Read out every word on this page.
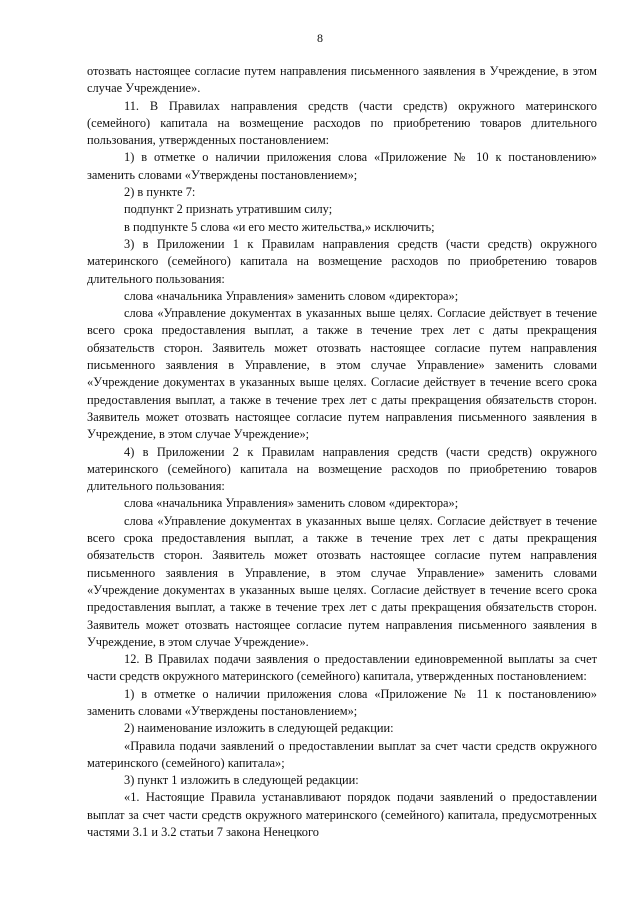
8

отозвать настоящее согласие путем направления письменного заявления в Учреждение, в этом случае Учреждение».

11. В Правилах направления средств (части средств) окружного материнского (семейного) капитала на возмещение расходов по приобретению товаров длительного пользования, утвержденных постановлением:

1) в отметке о наличии приложения слова «Приложение № 10 к постановлению» заменить словами «Утверждены постановлением»;

2) в пункте 7:

подпункт 2 признать утратившим силу;

в подпункте 5 слова «и его место жительства,» исключить;

3) в Приложении 1 к Правилам направления средств (части средств) окружного материнского (семейного) капитала на возмещение расходов по приобретению товаров длительного пользования:

слова «начальника Управления» заменить словом «директора»;

слова «Управление документах в указанных выше целях. Согласие действует в течение всего срока предоставления выплат, а также в течение трех лет с даты прекращения обязательств сторон. Заявитель может отозвать настоящее согласие путем направления письменного заявления в Управление, в этом случае Управление» заменить словами «Учреждение документах в указанных выше целях. Согласие действует в течение всего срока предоставления выплат, а также в течение трех лет с даты прекращения обязательств сторон. Заявитель может отозвать настоящее согласие путем направления письменного заявления в Учреждение, в этом случае Учреждение»;

4) в Приложении 2 к Правилам направления средств (части средств) окружного материнского (семейного) капитала на возмещение расходов по приобретению товаров длительного пользования:

слова «начальника Управления» заменить словом «директора»;

слова «Управление документах в указанных выше целях. Согласие действует в течение всего срока предоставления выплат, а также в течение трех лет с даты прекращения обязательств сторон. Заявитель может отозвать настоящее согласие путем направления письменного заявления в Управление, в этом случае Управление» заменить словами «Учреждение документах в указанных выше целях. Согласие действует в течение всего срока предоставления выплат, а также в течение трех лет с даты прекращения обязательств сторон. Заявитель может отозвать настоящее согласие путем направления письменного заявления в Учреждение, в этом случае Учреждение».

12. В Правилах подачи заявления о предоставлении единовременной выплаты за счет части средств окружного материнского (семейного) капитала, утвержденных постановлением:

1) в отметке о наличии приложения слова «Приложение № 11 к постановлению» заменить словами «Утверждены постановлением»;

2) наименование изложить в следующей редакции:

«Правила подачи заявлений о предоставлении выплат за счет части средств окружного материнского (семейного) капитала»;

3) пункт 1 изложить в следующей редакции:

«1. Настоящие Правила устанавливают порядок подачи заявлений о предоставлении выплат за счет части средств окружного материнского (семейного) капитала, предусмотренных частями 3.1 и 3.2 статьи 7 закона Ненецкого
